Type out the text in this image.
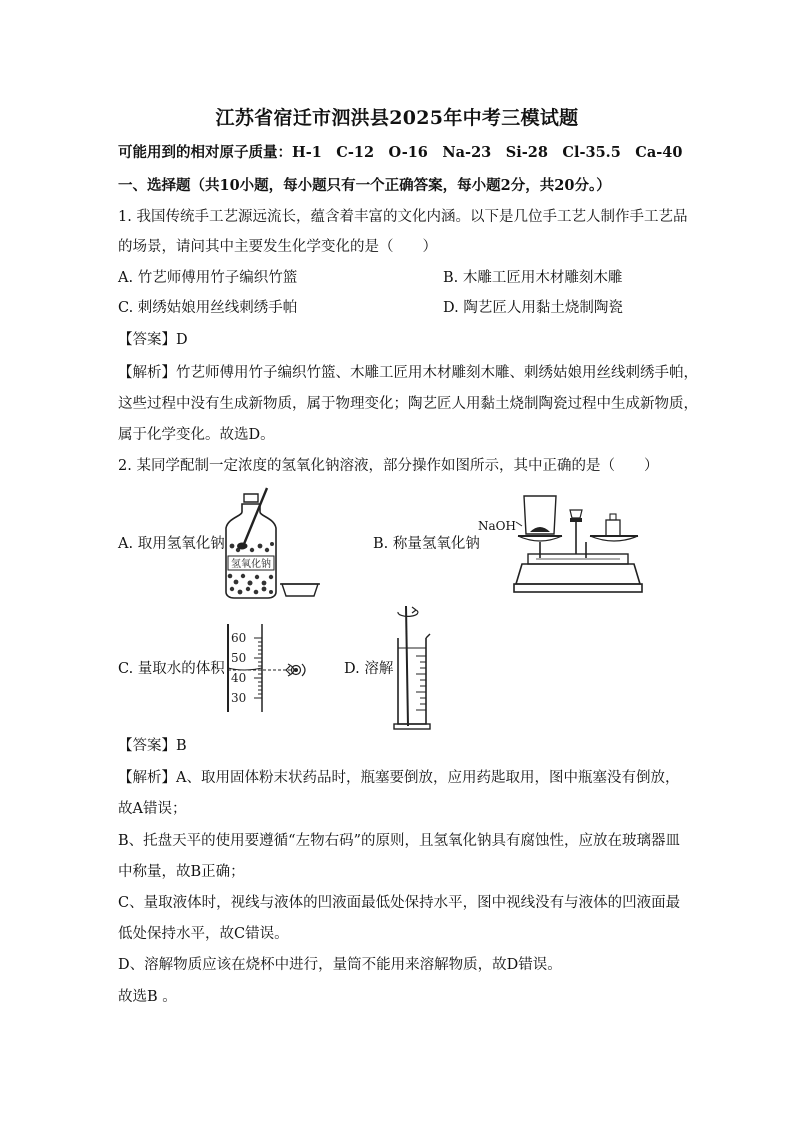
江苏省宿迁市泗洪县2025年中考三模试题
可能用到的相对原子质量：H-1　C-12　O-16　Na-23　Si-28　Cl-35.5　Ca-40
一、选择题（共10小题，每小题只有一个正确答案，每小题2分，共20分。）
1. 我国传统手工艺源远流长，蕴含着丰富的文化内涵。以下是几位手工艺人制作手工艺品
的场景，请问其中主要发生化学变化的是（　　）
A. 竹艺师傅用竹子编织竹篮	B. 木雕工匠用木材雕刻木雕
C. 刺绣姑娘用丝线刺绣手帕	D. 陶艺匠人用黏土烧制陶瓷
【答案】D
【解析】竹艺师傅用竹子编织竹篮、木雕工匠用木材雕刻木雕、刺绣姑娘用丝线刺绣手帕，
这些过程中没有生成新物质，属于物理变化；陶艺匠人用黏土烧制陶瓷过程中生成新物质，
属于化学变化。故选D。
2. 某同学配制一定浓度的氢氧化钠溶液，部分操作如图所示，其中正确的是（　　）
A. 取用氢氧化钠	B. 称量氢氧化钠
C. 量取水的体积	D. 溶解
氢氧化钠
NaOH
60
50
40
30
【答案】B
【解析】A、取用固体粉末状药品时，瓶塞要倒放，应用药匙取用，图中瓶塞没有倒放，
故A错误；
B、托盘天平的使用要遵循“左物右码”的原则，且氢氧化钠具有腐蚀性，应放在玻璃器皿
中称量，故B正确；
C、量取液体时，视线与液体的凹液面最低处保持水平，图中视线没有与液体的凹液面最
低处保持水平，故C错误。
D、溶解物质应该在烧杯中进行，量筒不能用来溶解物质，故D错误。
故选B 。
